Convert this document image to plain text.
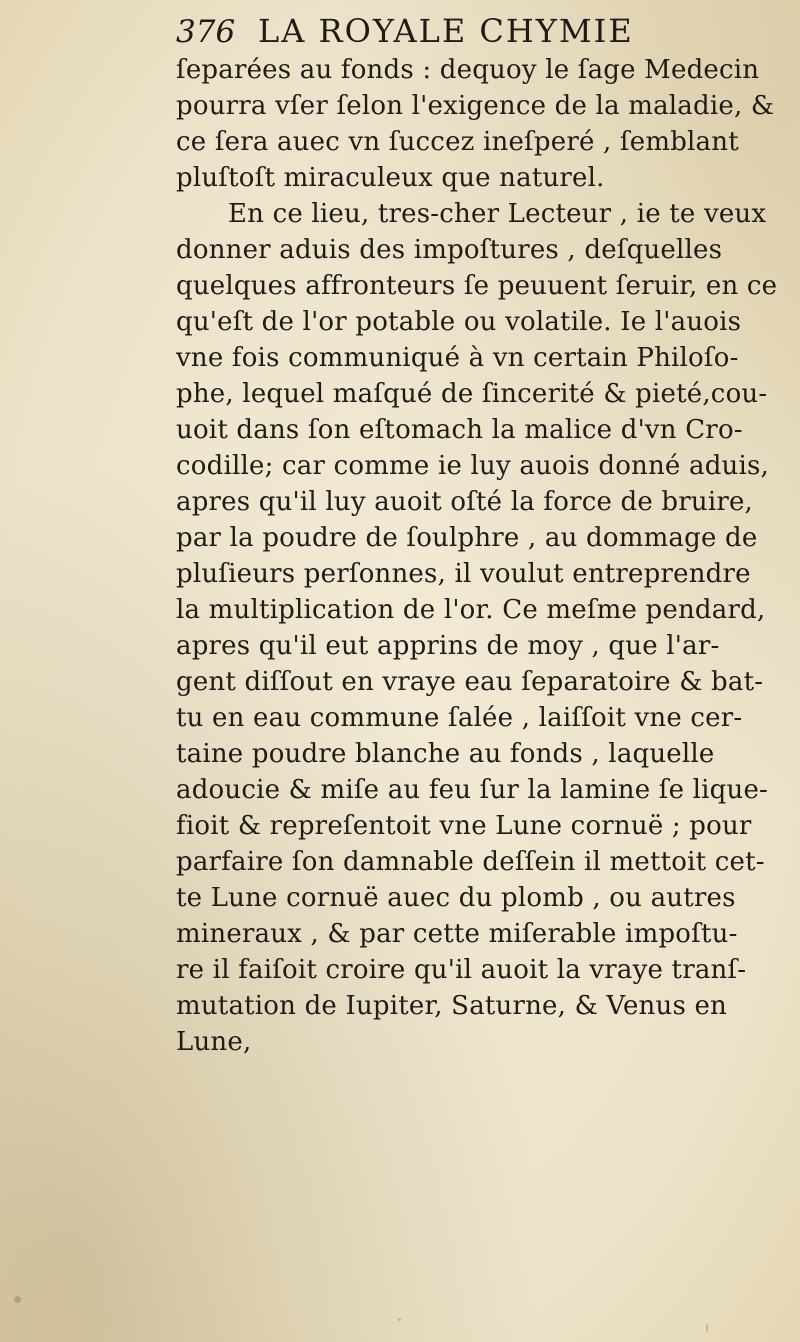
376 LA ROYALE CHYMIE
ſeparées au fonds : dequoy le ſage Medecin
pourra vſer ſelon l'exigence de la maladie, &
ce ſera auec vn ſuccez ineſperé , ſemblant
pluſtoſt miraculeux que naturel.
En ce lieu, tres-cher Lecteur , ie te veux
donner aduis des impoſtures , deſquelles
quelques affronteurs ſe peuuent ſeruir, en ce
qu'eſt de l'or potable ou volatile. Ie l'auois
vne fois communiqué à vn certain Philoſo-
phe, lequel maſqué de ſincerité & pieté,cou-
uoit dans ſon eſtomach la malice d'vn Cro-
codille; car comme ie luy auois donné aduis,
apres qu'il luy auoit oſté la force de bruire,
par la poudre de ſoulphre , au dommage de
pluſieurs perſonnes, il voulut entreprendre
la multiplication de l'or. Ce meſme pendard,
apres qu'il eut apprins de moy , que l'ar-
gent diſſout en vraye eau ſeparatoire & bat-
tu en eau commune ſalée , laiſſoit vne cer-
taine poudre blanche au fonds , laquelle
adoucie & miſe au feu ſur la lamine ſe lique-
fioit & repreſentoit vne Lune cornuë ; pour
parfaire ſon damnable deſſein il mettoit cet-
te Lune cornuë auec du plomb , ou autres
mineraux , & par cette miſerable impoſtu-
re il faiſoit croire qu'il auoit la vraye tranſ-
mutation de Iupiter, Saturne, & Venus en
Lune,
